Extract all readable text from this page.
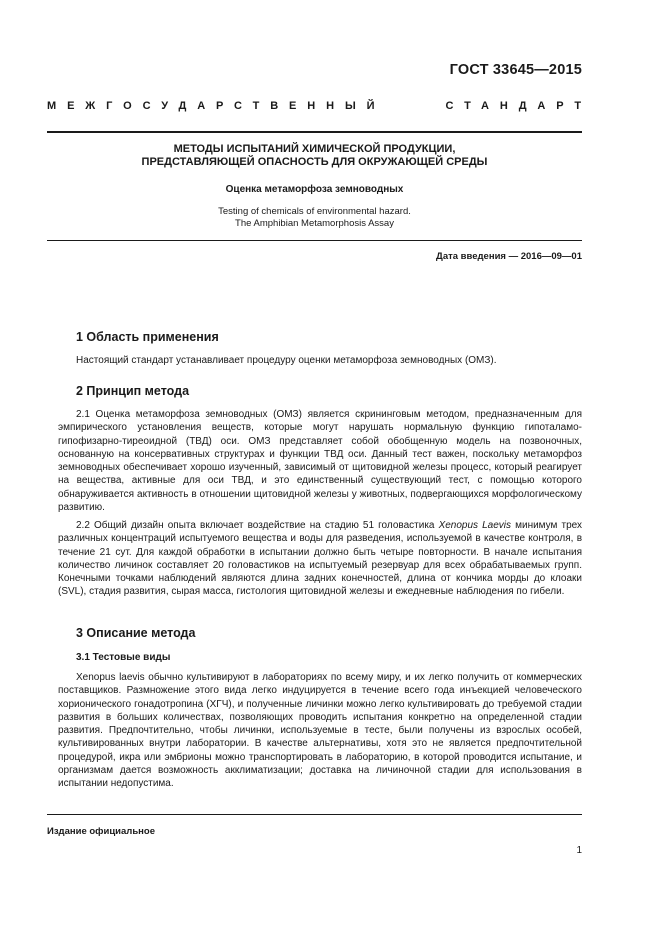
ГОСТ 33645—2015
МЕЖГОСУДАРСТВЕННЫЙ	СТАНДАРТ
МЕТОДЫ ИСПЫТАНИЙ ХИМИЧЕСКОЙ ПРОДУКЦИИ,
ПРЕДСТАВЛЯЮЩЕЙ ОПАСНОСТЬ ДЛЯ ОКРУЖАЮЩЕЙ СРЕДЫ
Оценка метаморфоза земноводных
Testing of chemicals of environmental hazard.
The Amphibian Metamorphosis Assay
Дата введения — 2016—09—01
1 Область применения

Настоящий стандарт устанавливает процедуру оценки метаморфоза земноводных (ОМЗ).

2 Принцип метода

2.1 Оценка метаморфоза земноводных (ОМЗ) является скрининговым методом, предназначенным для эмпирического установления веществ, которые могут нарушать нормальную функцию гипоталамо-гипофизарно-тиреоидной (ТВД) оси. ОМЗ представляет собой обобщенную модель на позвоночных, основанную на консервативных структурах и функции ТВД оси. Данный тест важен, поскольку метаморфоз земноводных обеспечивает хорошо изученный, зависимый от щитовидной железы процесс, который реагирует на вещества, активные для оси ТВД, и это единственный существующий тест, с помощью которого обнаруживается активность в отношении щитовидной железы у животных, подвергающихся морфологическому развитию.

2.2 Общий дизайн опыта включает воздействие на стадию 51 головастика Xenopus Laevis минимум трех различных концентраций испытуемого вещества и воды для разведения, используемой в качестве контроля, в течение 21 сут. Для каждой обработки в испытании должно быть четыре повторности. В начале испытания количество личинок составляет 20 головастиков на испытуемый резервуар для всех обрабатываемых групп. Конечными точками наблюдений являются длина задних конечностей, длина от кончика морды до клоаки (SVL), стадия развития, сырая масса, гистология щитовидной железы и ежедневные наблюдения по гибели.

3 Описание метода
3.1 Тестовые виды

Xenopus laevis обычно культивируют в лабораториях по всему миру, и их легко получить от коммерческих поставщиков. Размножение этого вида легко индуцируется в течение всего года инъекцией человеческого хорионического гонадотропина (ХГЧ), и полученные личинки можно легко культивировать до требуемой стадии развития в больших количествах, позволяющих проводить испытания конкретно на определенной стадии развития. Предпочтительно, чтобы личинки, используемые в тесте, были получены из взрослых особей, культивированных внутри лаборатории. В качестве альтернативы, хотя это не является предпочтительной процедурой, икра или эмбрионы можно транспортировать в лабораторию, в которой проводится испытание, и организмам дается возможность акклиматизации; доставка на личиночной стадии для использования в испытании недопустима.

Издание официальное
1
